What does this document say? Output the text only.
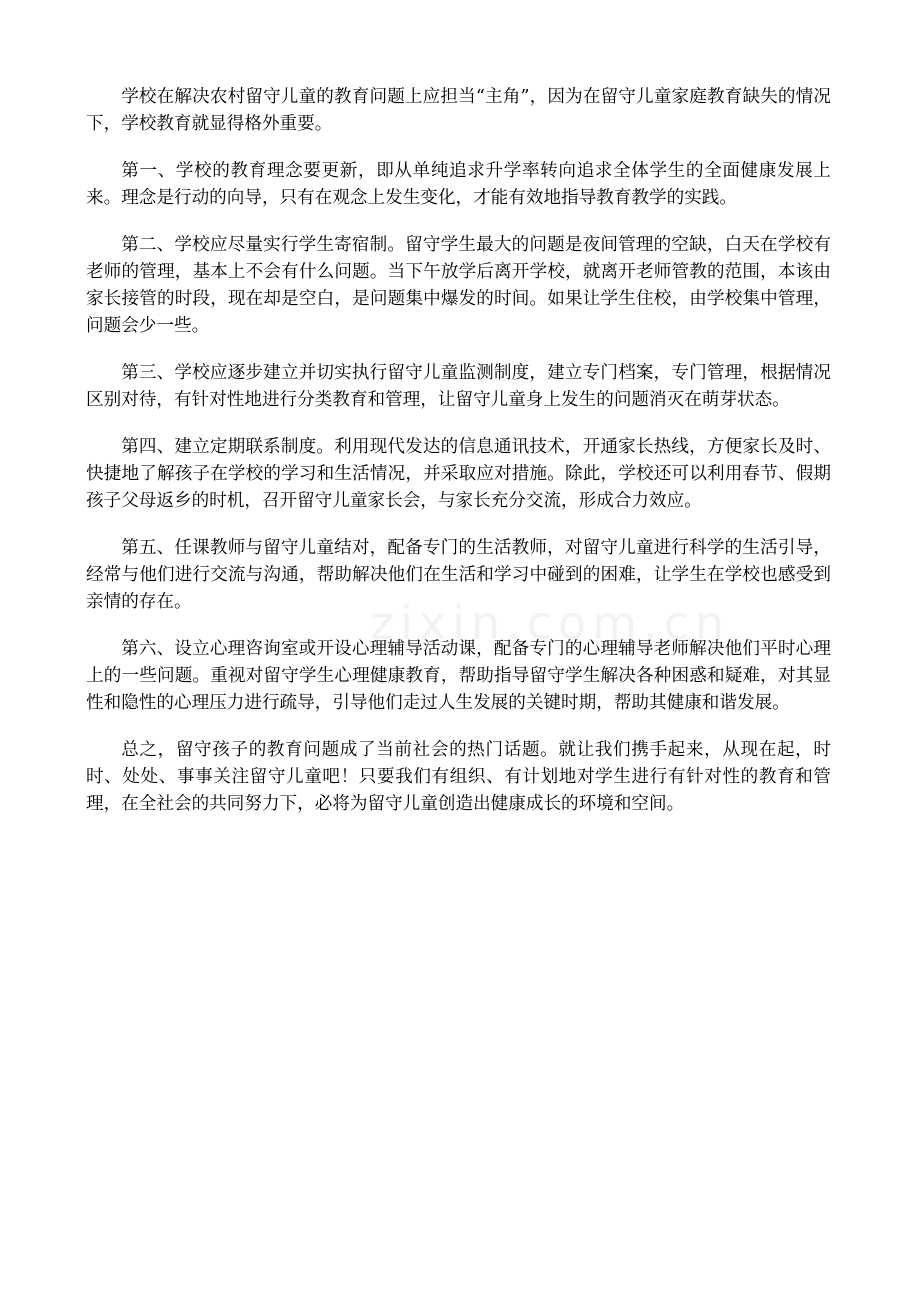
学校在解决农村留守儿童的教育问题上应担当“主角”，因为在留守儿童家庭教育缺失的情况下，学校教育就显得格外重要。

第一、学校的教育理念要更新，即从单纯追求升学率转向追求全体学生的全面健康发展上来。理念是行动的向导，只有在观念上发生变化，才能有效地指导教育教学的实践。

第二、学校应尽量实行学生寄宿制。留守学生最大的问题是夜间管理的空缺，白天在学校有老师的管理，基本上不会有什么问题。当下午放学后离开学校，就离开老师管教的范围，本该由家长接管的时段，现在却是空白，是问题集中爆发的时间。如果让学生住校，由学校集中管理，问题会少一些。

第三、学校应逐步建立并切实执行留守儿童监测制度，建立专门档案，专门管理，根据情况区别对待，有针对性地进行分类教育和管理，让留守儿童身上发生的问题消灭在萌芽状态。

第四、建立定期联系制度。利用现代发达的信息通讯技术，开通家长热线，方便家长及时、快捷地了解孩子在学校的学习和生活情况，并采取应对措施。除此，学校还可以利用春节、假期孩子父母返乡的时机，召开留守儿童家长会，与家长充分交流，形成合力效应。

第五、任课教师与留守儿童结对，配备专门的生活教师，对留守儿童进行科学的生活引导，经常与他们进行交流与沟通，帮助解决他们在生活和学习中碰到的困难，让学生在学校也感受到亲情的存在。

第六、设立心理咨询室或开设心理辅导活动课，配备专门的心理辅导老师解决他们平时心理上的一些问题。重视对留守学生心理健康教育，帮助指导留守学生解决各种困惑和疑难，对其显性和隐性的心理压力进行疏导，引导他们走过人生发展的关键时期，帮助其健康和谐发展。

总之，留守孩子的教育问题成了当前社会的热门话题。就让我们携手起来，从现在起，时时、处处、事事关注留守儿童吧！只要我们有组织、有计划地对学生进行有针对性的教育和管理，在全社会的共同努力下，必将为留守儿童创造出健康成长的环境和空间。

zixin.com.cn
